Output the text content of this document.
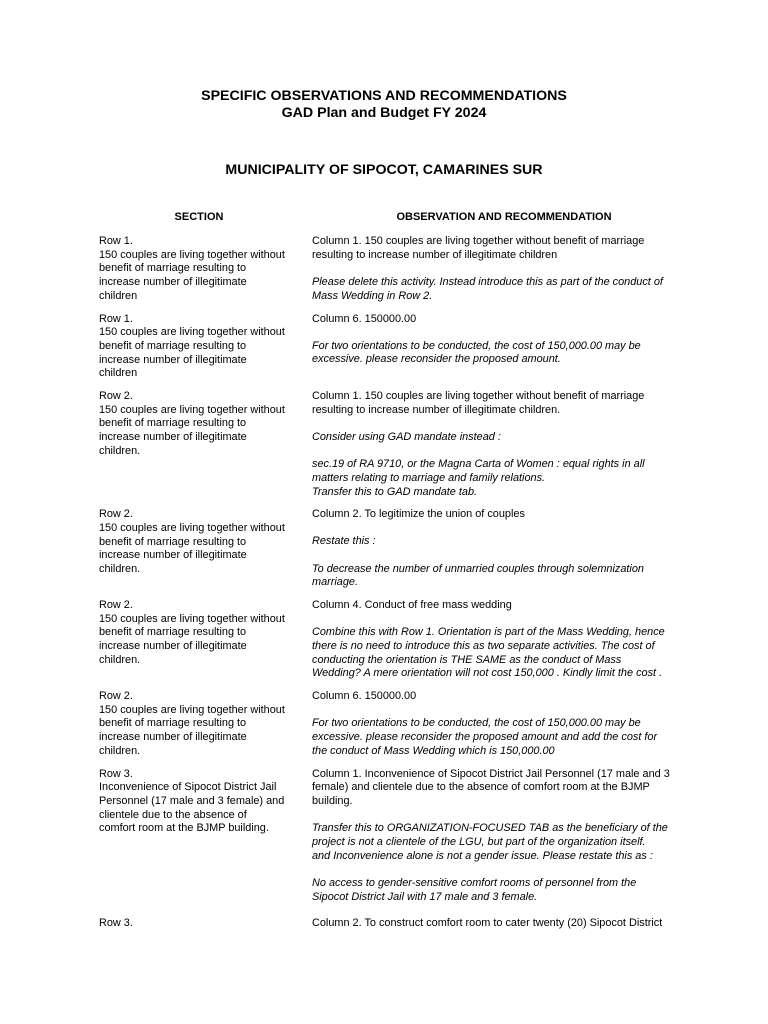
SPECIFIC OBSERVATIONS AND RECOMMENDATIONS
GAD Plan and Budget FY 2024
MUNICIPALITY OF SIPOCOT, CAMARINES SUR
SECTION	OBSERVATION AND RECOMMENDATION
Row 1.
150 couples are living together without
benefit of marriage resulting to
increase number of illegitimate
children
Column 1. 150 couples are living together without benefit of marriage
resulting to increase number of illegitimate children
Please delete this activity. Instead introduce this as part of the conduct of
Mass Wedding in Row 2.
Row 1.
150 couples are living together without
benefit of marriage resulting to
increase number of illegitimate
children
Column 6. 150000.00
For two orientations to be conducted, the cost of 150,000.00 may be
excessive. please reconsider the proposed amount.
Row 2.
150 couples are living together without
benefit of marriage resulting to
increase number of illegitimate
children.
Column 1. 150 couples are living together without benefit of marriage
resulting to increase number of illegitimate children.
Consider using GAD mandate instead :
sec.19 of RA 9710, or the Magna Carta of Women : equal rights in all
matters relating to marriage and family relations.
Transfer this to GAD mandate tab.
Row 2.
150 couples are living together without
benefit of marriage resulting to
increase number of illegitimate
children.
Column 2. To legitimize the union of couples
Restate this :
To decrease the number of unmarried couples through solemnization
marriage.
Row 2.
150 couples are living together without
benefit of marriage resulting to
increase number of illegitimate
children.
Column 4. Conduct of free mass wedding
Combine this with Row 1. Orientation is part of the Mass Wedding, hence
there is no need to introduce this as two separate activities. The cost of
conducting the orientation is THE SAME as the conduct of Mass
Wedding? A mere orientation will not cost 150,000 . Kindly limit the cost .
Row 2.
150 couples are living together without
benefit of marriage resulting to
increase number of illegitimate
children.
Column 6. 150000.00
For two orientations to be conducted, the cost of 150,000.00 may be
excessive. please reconsider the proposed amount and add the cost for
the conduct of Mass Wedding which is 150,000.00
Row 3.
Inconvenience of Sipocot District Jail
Personnel (17 male and 3 female) and
clientele due to the absence of
comfort room at the BJMP building.
Column 1. Inconvenience of Sipocot District Jail Personnel (17 male and 3
female) and clientele due to the absence of comfort room at the BJMP
building.
Transfer this to ORGANIZATION-FOCUSED TAB as the beneficiary of the
project is not a clientele of the LGU, but part of the organization itself.
and Inconvenience alone is not a gender issue. Please restate this as :
No access to gender-sensitive comfort rooms of personnel from the
Sipocot District Jail with 17 male and 3 female.
Row 3.	Column 2. To construct comfort room to cater twenty (20) Sipocot District
